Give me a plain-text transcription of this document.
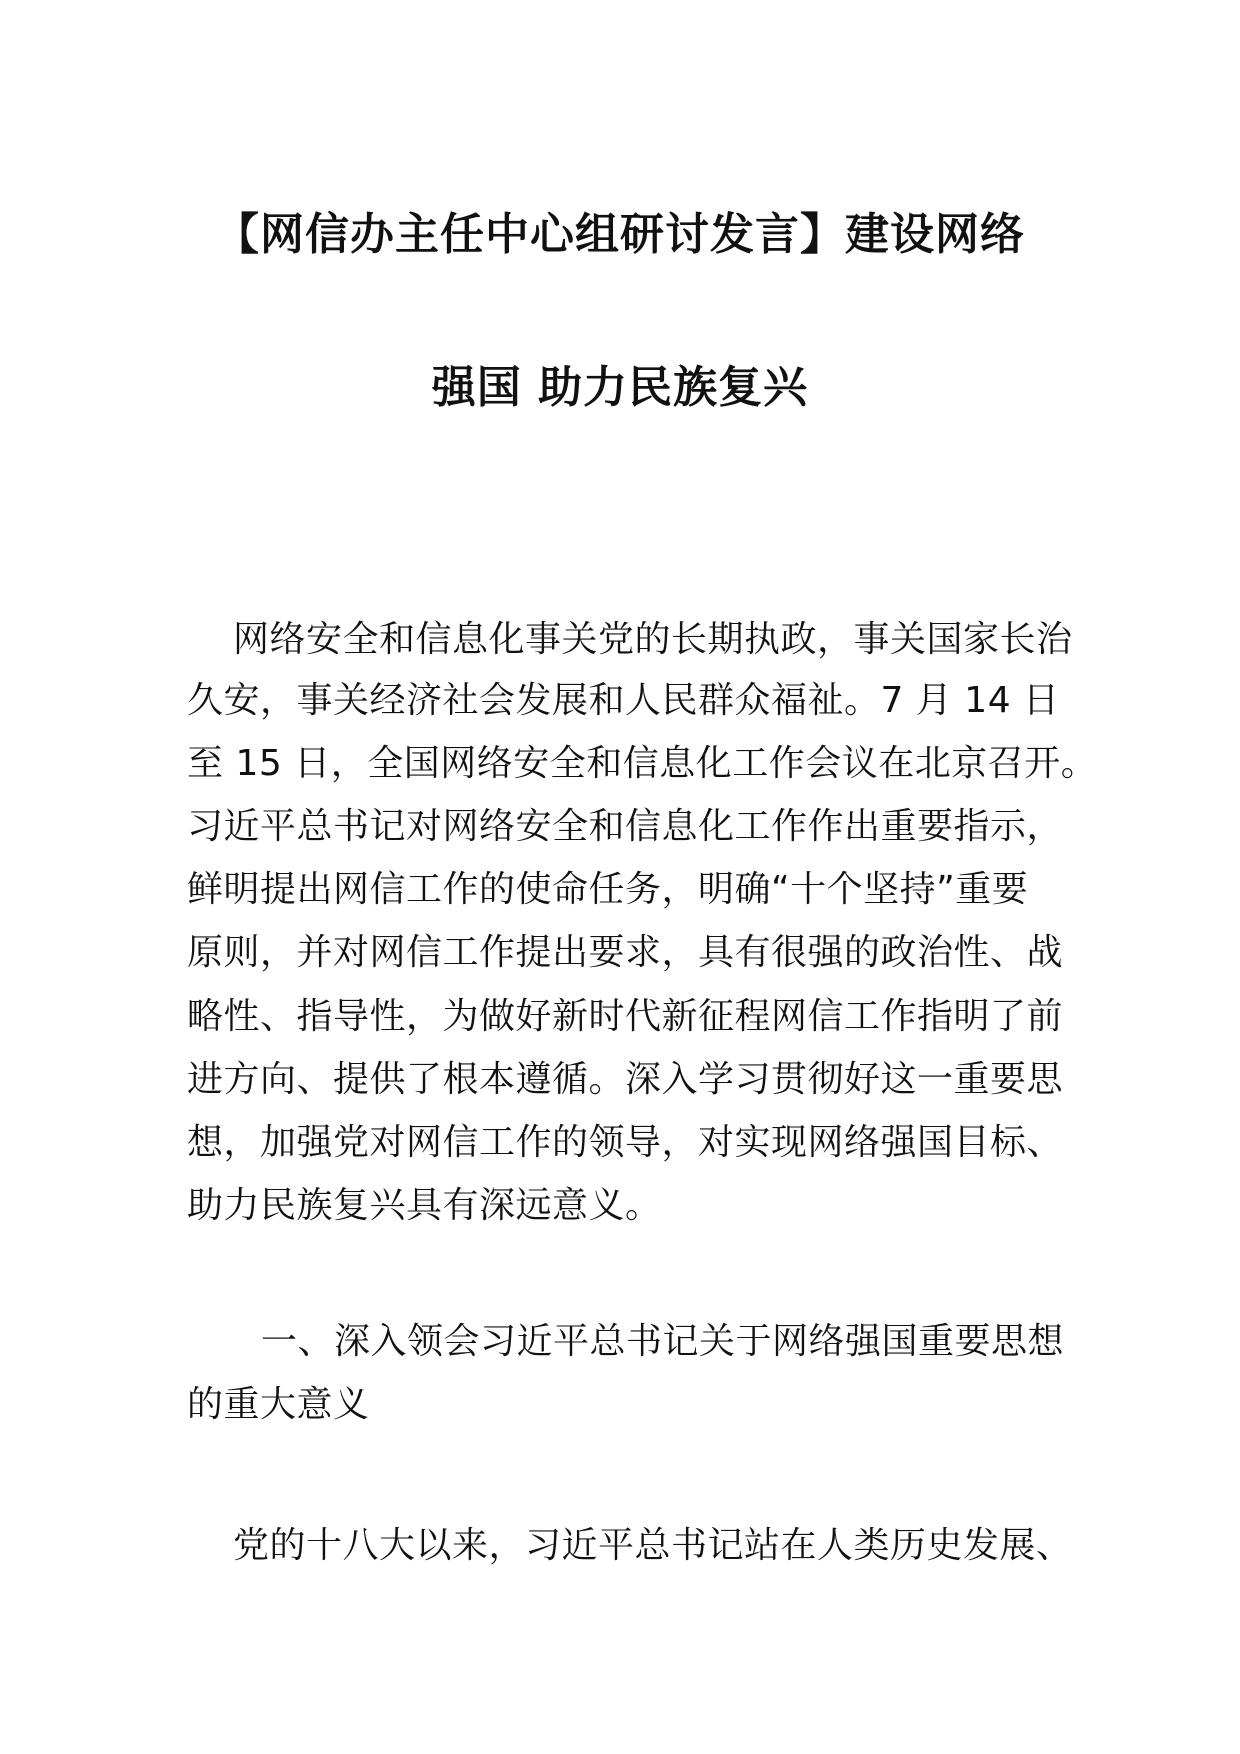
【网信办主任中心组研讨发言】建设网络
强国 助力民族复兴
网络安全和信息化事关党的长期执政，事关国家长治
久安，事关经济社会发展和人民群众福祉。7 月 14 日
至 15 日，全国网络安全和信息化工作会议在北京召开。
习近平总书记对网络安全和信息化工作作出重要指示，
鲜明提出网信工作的使命任务，明确“十个坚持”重要
原则，并对网信工作提出要求，具有很强的政治性、战
略性、指导性，为做好新时代新征程网信工作指明了前
进方向、提供了根本遵循。深入学习贯彻好这一重要思
想，加强党对网信工作的领导，对实现网络强国目标、
助力民族复兴具有深远意义。
一、深入领会习近平总书记关于网络强国重要思想
的重大意义
党的十八大以来，习近平总书记站在人类历史发展、
